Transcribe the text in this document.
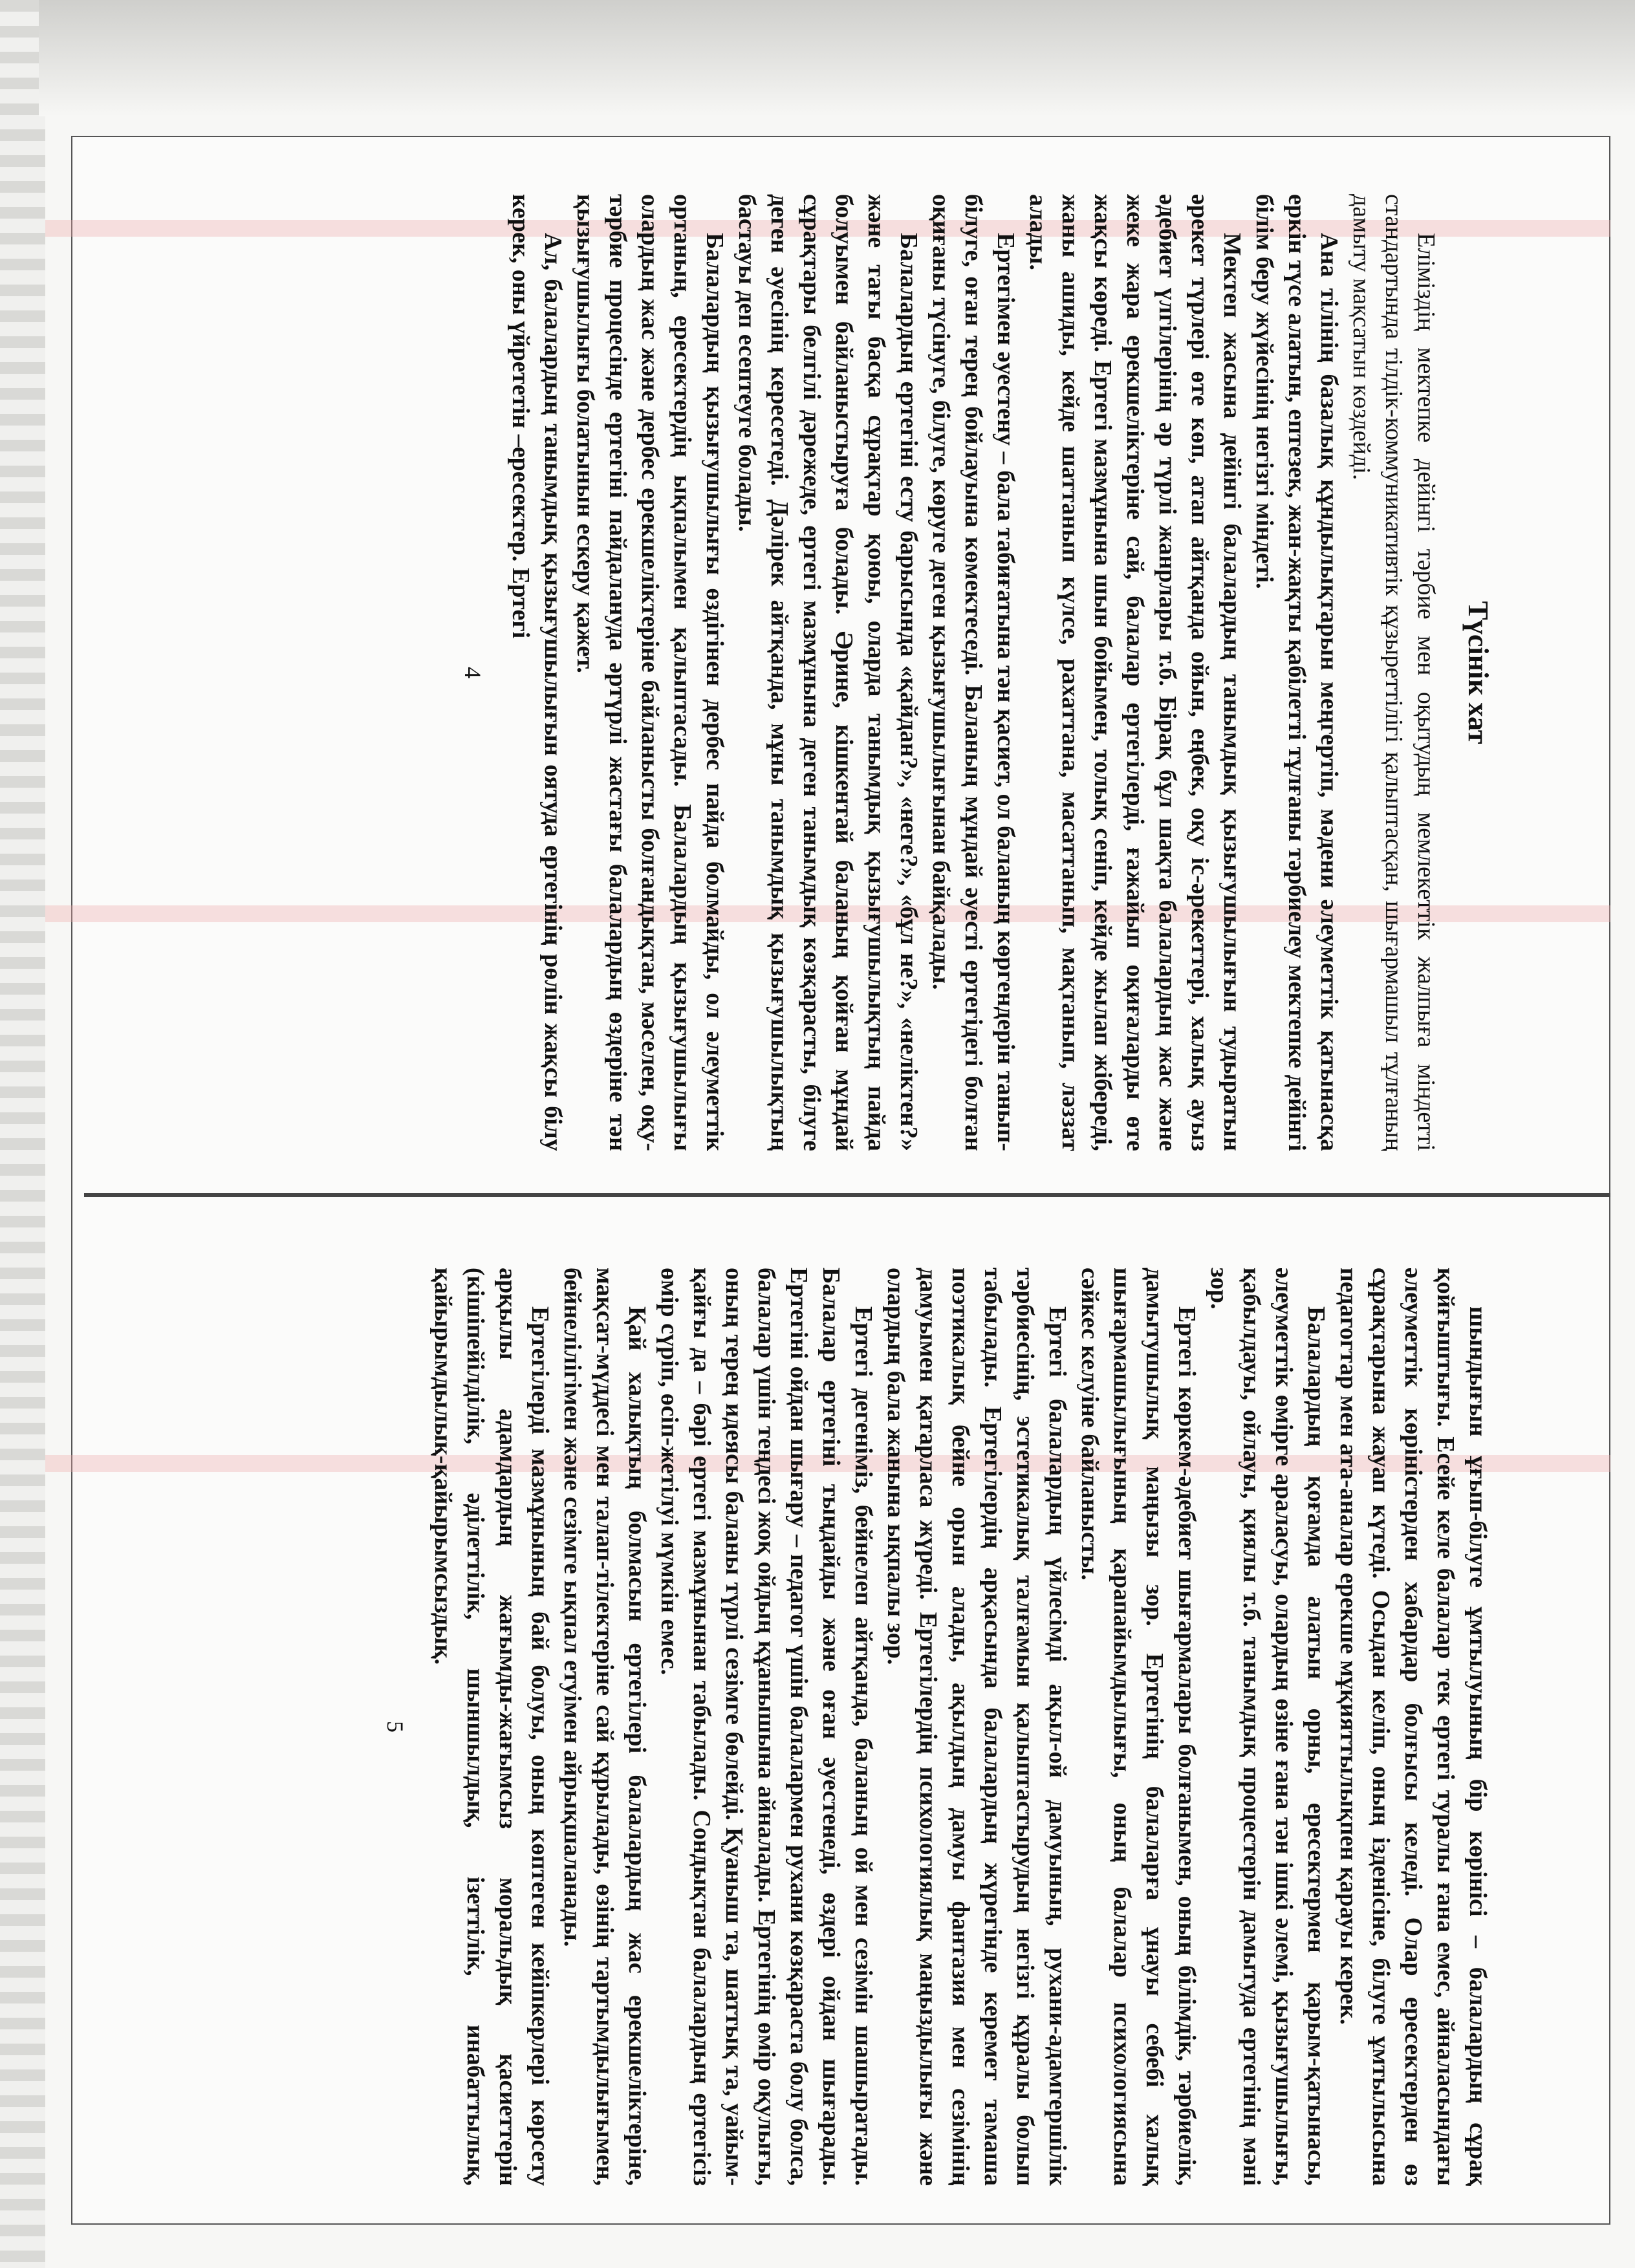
Түсінік хат

Еліміздің мектепке дейінгі тәрбие мен оқытудың мемлекеттік жалпыға міндетті стандартында тілдік-коммуникативтік құзыреттілігі қалыптасқан, шығармашыл тұлғаның дамыту мақсатын көздейді.

Ана тілінің базалық құндылықтарын меңгертіп, мәдени әлеуметтік қатынасқа еркін түсе алатын, ептезек, жан-жақты қабілетті тұлғаны тәрбиелеу мектепке дейінгі білім беру жүйесінің негізгі міндеті.

Мектеп жасына дейінгі балалардың танымдық қызығушылығын тудыратын әрекет түрлері өте көп, атап айтқанда ойын, еңбек, оқу іс-әрекеттері, халық ауыз әдебиет үлгілерінің әр түрлі жанрлары т.б. Бірақ бұл шақта балалардың жас және жеке жара ерекшеліктеріне сай, балалар ертегілерді, ғажайып оқиғаларды өте жақсы көреді. Ертегі мазмұнына шын бойымен, толық сеніп, кейде жылап жібереді, жаны ашиды, кейде шаттанып күлсе, рахаттана, масаттанып, мақтанып, ләззат алады.

Ертегімен әуестену – бала табиғатына тән қасиет, ол баланың көргендерін танып-білуге, оған терең бойлауына көмектеседі. Баланың мұндай әуесті ертегідегі болған оқиғаны түсінуге, білуге, көруге деген қызығушылығынан байқалады.

Балалардың ертегіні есту барысында «қайдан?», «неге?», «бұл не?», «неліктен?» және тағы басқа сұрақтар қоюы, оларда танымдық қызығушылықтың пайда болуымен байланыстыруға болады. Әрине, кішкентай баланың қойған мұндай сұрақтары белгілі дәрежеде, ертегі мазмұнына деген танымдық көзқарасты, білуге деген әуесінің кересетеді. Дәлірек айтқанда, мұны танымдық қызығушылықтың бастауы деп есептеуге болады.

Балалардың қызығушылығы өздігінен дербес пайда болмайды, ол әлеуметтік ортаның, ересектердің ықпалымен қалыптасады. Балалардың қызығушылығы олардың жас және дербес ерекшеліктеріне байланысты болғандықтан, мәселен, оқу-тәрбие процесінде ертегіні пайдалануда әртүрлі жастағы балалардың өздеріне тән қызығушылығы болатынын ескеру қажет.

Ал, балалардың танымдық қызығушылығын оятуда ертегінің рөлін жақсы білу керек, оны үйрететін –ересектер. Ертегі

4

шындығын ұғып-білуге ұмтылуының бір көрінісі – балалардың сұрақ қойғыштығы. Есейе келе балалар тек ертегі туралы ғана емес, айналасындағы әлеуметтік көріністерден хабардар болғысы келеді. Олар ересектерден өз сұрақтарына жауап күтеді. Осыдан келіп, оның ізденісіне, білуге ұмтылысына педагогтар мен ата-аналар ерекше мұқияттылықпен қарауы керек.

Балалардың қоғамда алатын орны, ересектермен қарым-қатынасы, әлеуметтік өмірге араласуы, олардың өзіне ғана тән ішкі әлемі, қызығушылығы, қабылдауы, ойлауы, қиялы т.б. танымдық процестерін дамытуда ертегінің мәні зор.

Ертегі көркем-әдебиет шығармалары болғанымен, оның білімдік, тәрбиелік, дамытушылық маңызы зор. Ертегінің балаларға ұнауы себебі халық шығармашылығының қарапайымдылығы, оның балалар психологиясына сәйкес келуіне байланысты.

Ертегі балалардың үйлесімді ақыл-ой дамуының, рухани-адамгершілік тәрбиесінің, эстетикалық талғамын қалыптастырудың негізгі құралы болып табылады. Ертегілердің арқасында балалардың жүрегінде керемет тамаша поэтикалық бейне орын алады, ақылдың дамуы фантазия мен сезімінің дамуымен қатарласа жүреді. Ертегілердің психологиялық маңыздылығы және олардың бала жанына ықпалы зор.

Ертегі дегеніміз, бейнелеп айтқанда, баланың ой мен сезімін шашыратады. Балалар ертегіні тыңдайды және оған әуестенеді, өздері ойдан шығарады. Ертегіні ойдан шығару – педагог үшін балалармен рухани көзқараста болу болса, балалар үшін теңдесі жоқ ойдың құанышына айналады. Ертегінің өмір оқулығы, оның терең идеясы баланы түрлі сезімге бөлейді. Қуаныш та, шаттық та, уайым-қайғы да – бәрі ертегі мазмұнынан табылады. Сондықтан балалардың ертегісіз өмір сүріп, өсіп-жетілуі мүмкін емес.

Қай халықтың болмасын ертегілері балалардың жас ерекшеліктеріне, мақсат-мүддесі мен талап-тілектеріне сай құрылады, өзінің тартымдылығымен, бейнелілігімен және сезімге ықпал етуімен айрықшаланады.

Ертегілерді мазмұнының бай болуы, оның көптеген кейіпкерлері көрсету арқылы адамдардың жағымды-жағымсыз моральдық қасиеттерін (кішіпейілділік, әділеттілік, шыншылдық, ізеттілік, инабаттылық, қайырымдылық-қайырымсыздық.

5
